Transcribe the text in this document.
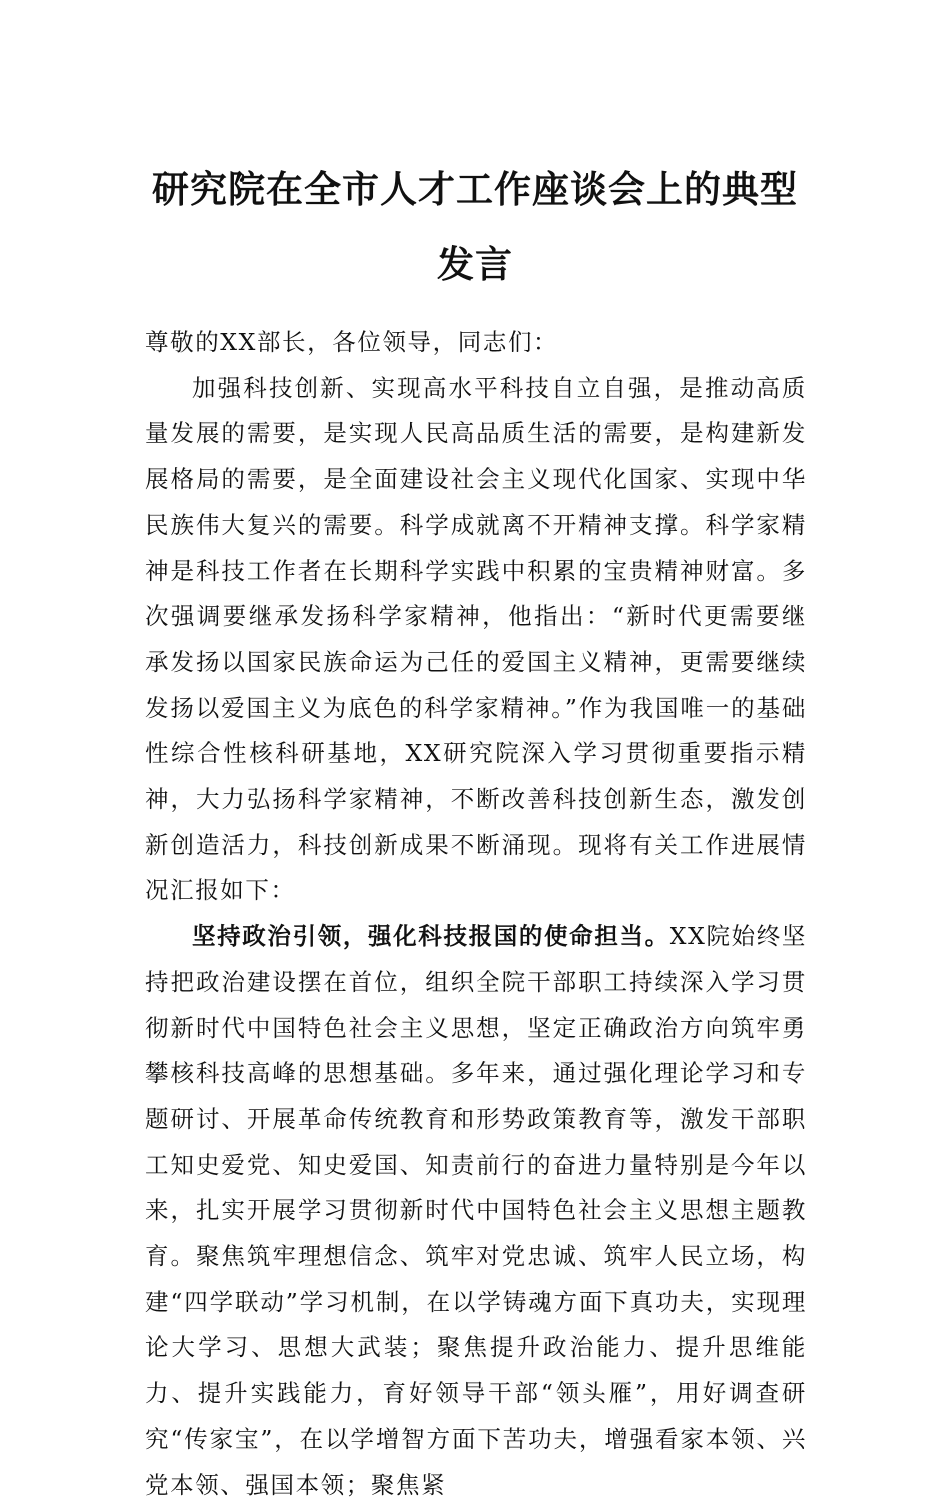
研究院在全市人才工作座谈会上的典型发言

尊敬的XX部长，各位领导，同志们：

加强科技创新、实现高水平科技自立自强，是推动高质量发展的需要，是实现人民高品质生活的需要，是构建新发展格局的需要，是全面建设社会主义现代化国家、实现中华民族伟大复兴的需要。科学成就离不开精神支撑。科学家精神是科技工作者在长期科学实践中积累的宝贵精神财富。多次强调要继承发扬科学家精神，他指出：“新时代更需要继承发扬以国家民族命运为己任的爱国主义精神，更需要继续发扬以爱国主义为底色的科学家精神。”作为我国唯一的基础性综合性核科研基地，XX研究院深入学习贯彻重要指示精神，大力弘扬科学家精神，不断改善科技创新生态，激发创新创造活力，科技创新成果不断涌现。现将有关工作进展情况汇报如下：

坚持政治引领，强化科技报国的使命担当。XX院始终坚持把政治建设摆在首位，组织全院干部职工持续深入学习贯彻新时代中国特色社会主义思想，坚定正确政治方向筑牢勇攀核科技高峰的思想基础。多年来，通过强化理论学习和专题研讨、开展革命传统教育和形势政策教育等，激发干部职工知史爱党、知史爱国、知责前行的奋进力量特别是今年以来，扎实开展学习贯彻新时代中国特色社会主义思想主题教育。聚焦筑牢理想信念、筑牢对党忠诚、筑牢人民立场，构建“四学联动”学习机制，在以学铸魂方面下真功夫，实现理论大学习、思想大武装；聚焦提升政治能力、提升思维能力、提升实践能力，育好领导干部“领头雁”，用好调查研究“传家宝”，在以学增智方面下苦功夫，增强看家本领、兴党本领、强国本领；聚焦紧
